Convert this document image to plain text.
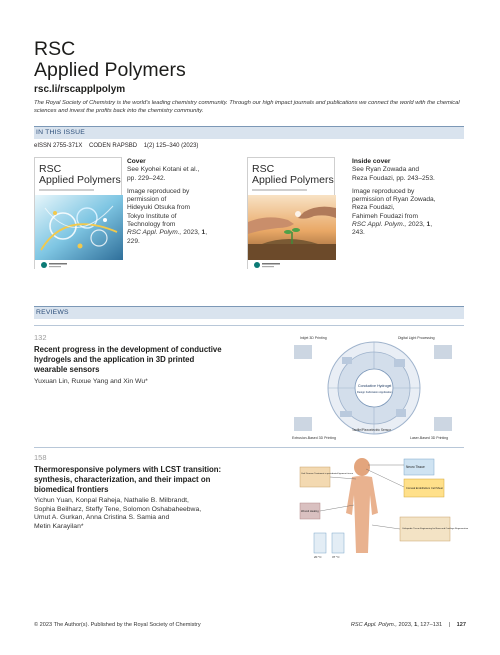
RSC
Applied Polymers
rsc.li/rscapplpolym
The Royal Society of Chemistry is the world's leading chemistry community. Through our high impact journals and publications we connect the world with the chemical sciences and invest the profits back into the chemistry community.
IN THIS ISSUE
eISSN 2755-371X    CODEN RAPSBD    1(2) 125–340 (2023)
RSC
Applied Polymers

Cover

See Kyohei Kotani et al.,

pp. 229–242.

Image reproduced by

permission of

Hideyuki Otsuka from

Tokyo Institute of

Technology from

RSC Appl. Polym., 2023, 1,

229.

RSC
Applied Polymers

Inside cover

See Ryan Zowada and

Reza Foudazi, pp. 243–253.

Image reproduced by

permission of Ryan Zowada,

Reza Foudazi,

Fahimeh Foudazi from

RSC Appl. Polym., 2023, 1,

243.

REVIEWS
132
Recent progress in the development of conductive
hydrogels and the application in 3D printed
wearable sensors
Yuxuan Lin, Ruxue Yang and Xin Wu*
Inkjet 3D Printing	Digital Light Processing
Extrusion-Based 3D Printing	Laser-Based 3D Printing
Conductive Hydrogel
Design Fabrication Application
Tactile/Piezoelectric Sensor
158
Thermoresponsive polymers with LCST transition:
synthesis, characterization, and their impact on
biomedical frontiers
Yichun Yuan, Konpal Raheja, Nathalie B. Milbrandt,
Sophia Beilharz, Steffy Tene, Solomon Oshabaheebwa,
Umut A. Gurkan, Anna Cristina S. Samia and
Metin Karayilan*
Neuro Tissue
Corneal Endothelium Cell Sheet
Oral Disease Treatment in periodontal ligament tissue
Wound Healing
Orthopedic Tissue Engineering for Bone and Cartilage Regeneration
20 °C	37 °C
© 2023 The Author(s). Published by the Royal Society of Chemistry	RSC Appl. Polym., 2023, 1, 127–131 | 127
